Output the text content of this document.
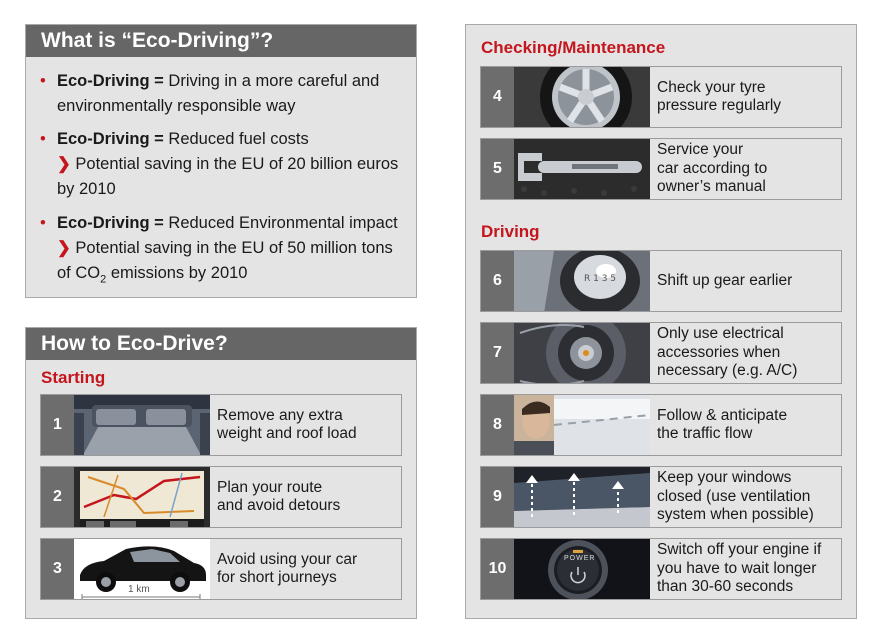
What is “Eco-Driving”?
• Eco-Driving = Driving in a more careful and environmentally responsible way
• Eco-Driving = Reduced fuel costs
❯ Potential saving in the EU of 20 billion euros by 2010
• Eco-Driving = Reduced Environmental impact ❯ Potential saving in the EU of 50 million tons of $CO_2$ emissions by 2010
How to Eco-Drive?
Starting
1
Remove any extra
weight and roof load
2
Plan your route
and avoid detours
3
1 km
Avoid using your car
for short journeys
Checking/Maintenance
4
Check your tyre
pressure regularly
5
Service your
car according to
owner’s manual
Driving
6	R 1 3 5	Shift up gear earlier
7
Only use electrical
accessories when
necessary (e.g. A/C)
8
Follow & anticipate
the traffic flow
9
Keep your windows
closed (use ventilation
system when possible)
10
POWER
Switch off your engine if
you have to wait longer
than 30-60 seconds
